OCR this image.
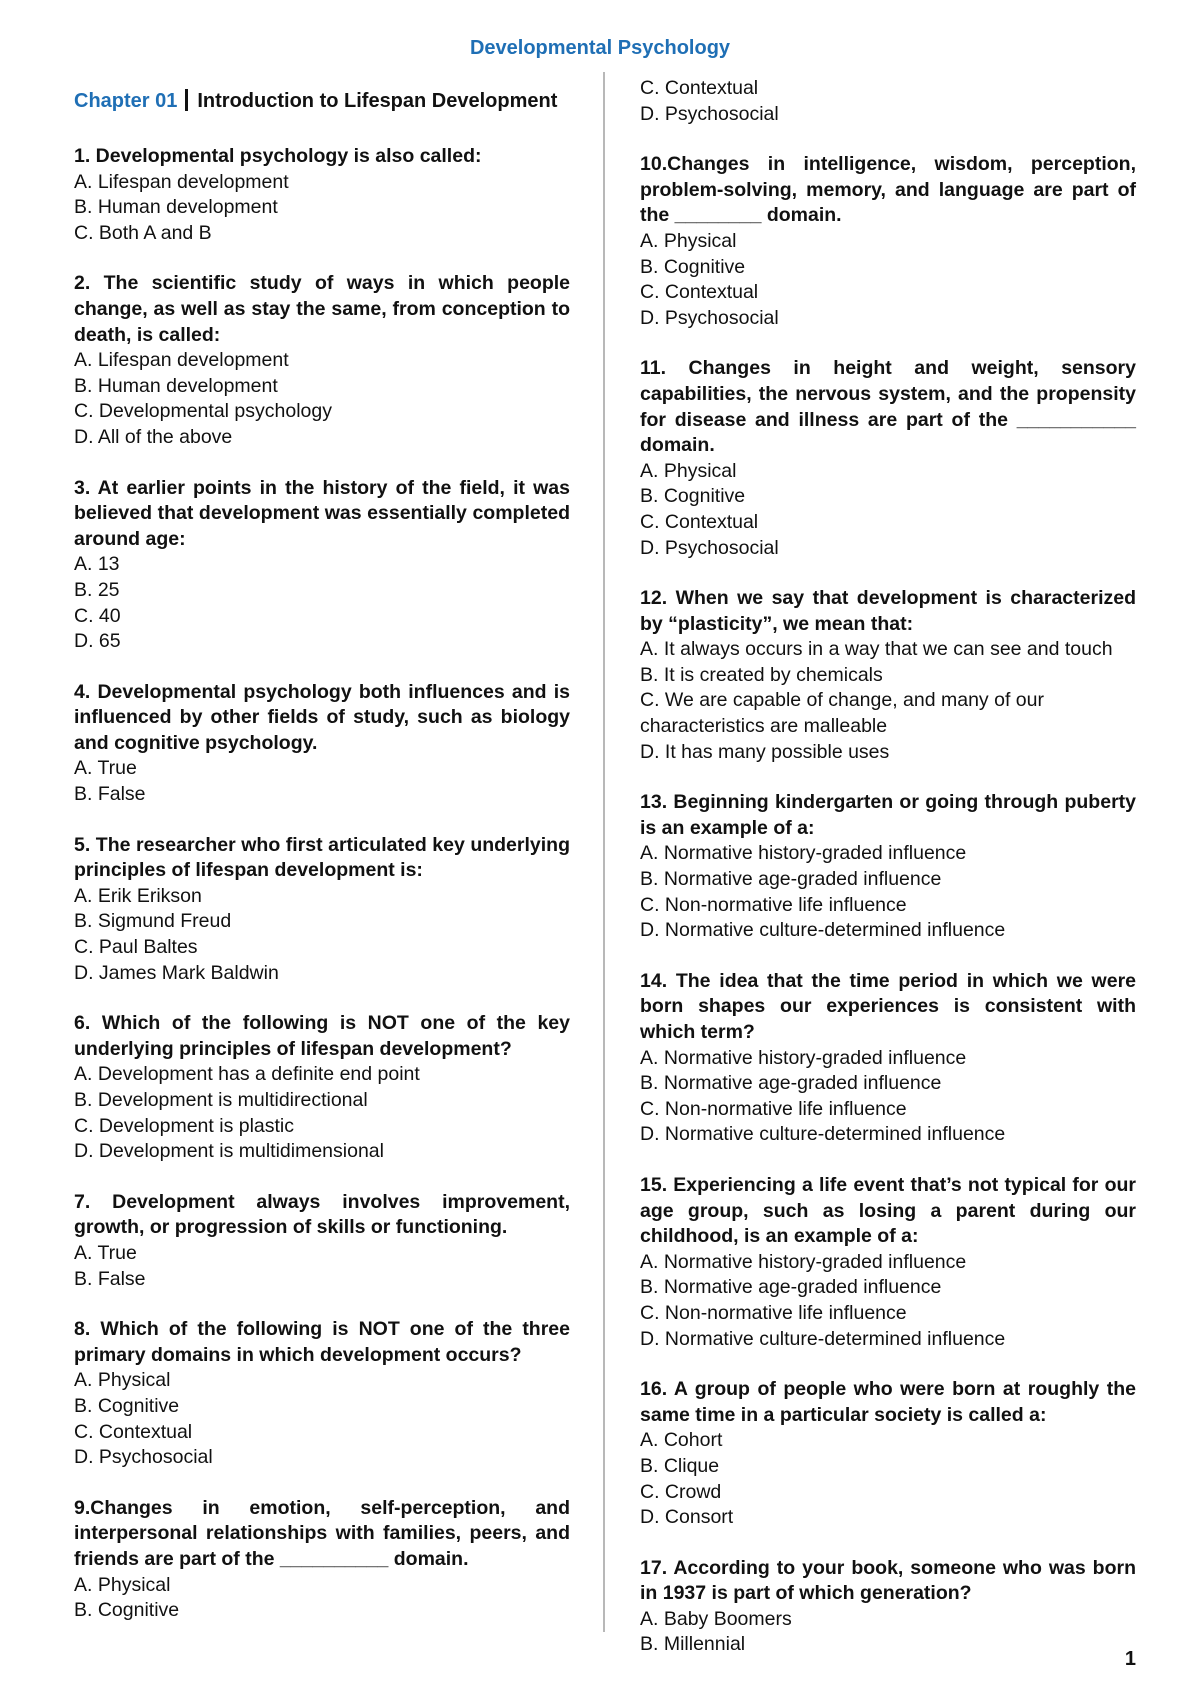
Developmental Psychology
Chapter 01 Introduction to Lifespan Development
1. Developmental psychology is also called:
A. Lifespan development
B. Human development
C. Both A and B
2. The scientific study of ways in which people change, as well as stay the same, from conception to death, is called:
A. Lifespan development
B. Human development
C. Developmental psychology
D. All of the above
3. At earlier points in the history of the field, it was believed that development was essentially completed around age:
A. 13
B. 25
C. 40
D. 65
4. Developmental psychology both influences and is influenced by other fields of study, such as biology and cognitive psychology.
A. True
B. False
5. The researcher who first articulated key underlying principles of lifespan development is:
A. Erik Erikson
B. Sigmund Freud
C. Paul Baltes
D. James Mark Baldwin
6. Which of the following is NOT one of the key underlying principles of lifespan development?
A. Development has a definite end point
B. Development is multidirectional
C. Development is plastic
D. Development is multidimensional
7. Development always involves improvement, growth, or progression of skills or functioning.
A. True
B. False
8. Which of the following is NOT one of the three primary domains in which development occurs?
A. Physical
B. Cognitive
C. Contextual
D. Psychosocial
9.Changes in emotion, self-perception, and interpersonal relationships with families, peers, and friends are part of the __________ domain.
A. Physical
B. Cognitive
C. Contextual
D. Psychosocial
10.Changes in intelligence, wisdom, perception, problem-solving, memory, and language are part of the ________ domain.
A. Physical
B. Cognitive
C. Contextual
D. Psychosocial
11. Changes in height and weight, sensory capabilities, the nervous system, and the propensity for disease and illness are part of the ___________ domain.
A. Physical
B. Cognitive
C. Contextual
D. Psychosocial
12. When we say that development is characterized by “plasticity”, we mean that:
A. It always occurs in a way that we can see and touch
B. It is created by chemicals
C. We are capable of change, and many of our characteristics are malleable
D. It has many possible uses
13. Beginning kindergarten or going through puberty is an example of a:
A. Normative history-graded influence
B. Normative age-graded influence
C. Non-normative life influence
D. Normative culture-determined influence
14. The idea that the time period in which we were born shapes our experiences is consistent with which term?
A. Normative history-graded influence
B. Normative age-graded influence
C. Non-normative life influence
D. Normative culture-determined influence
15. Experiencing a life event that’s not typical for our age group, such as losing a parent during our childhood, is an example of a:
A. Normative history-graded influence
B. Normative age-graded influence
C. Non-normative life influence
D. Normative culture-determined influence
16. A group of people who were born at roughly the same time in a particular society is called a:
A. Cohort
B. Clique
C. Crowd
D. Consort
17. According to your book, someone who was born in 1937 is part of which generation?
A. Baby Boomers
B. Millennial
1
